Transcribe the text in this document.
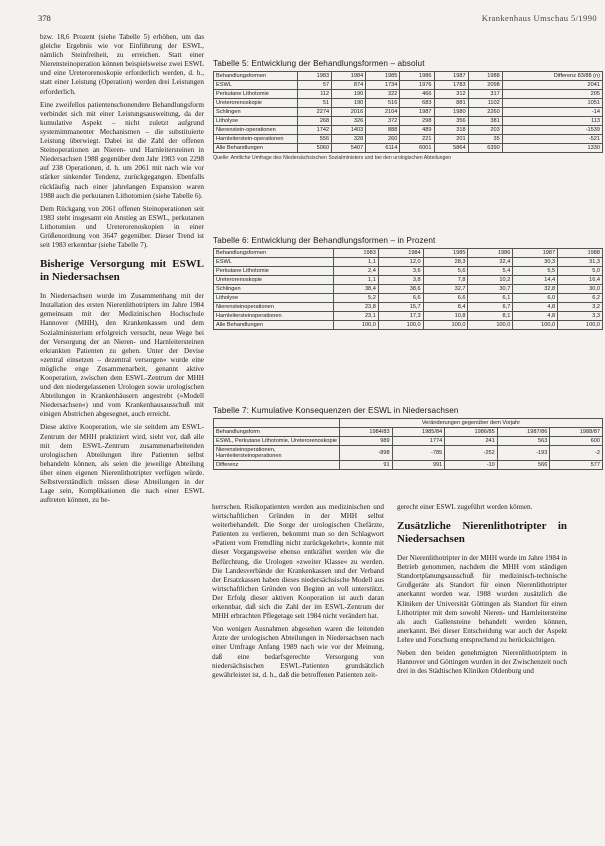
378	Krankenhaus Umschau 5/1990

bzw. 18,6 Prozent (siehe Tabelle 5) erhöhen, um das gleiche Ergebnis wie vor Einführung der ESWL, nämlich Steinfreiheit, zu erreichen. Statt einer Nierensteinoperation können beispielsweise zwei ESWL und eine Ureterorenoskopie erforderlich werden, d. h., statt einer Leistung (Operation) werden drei Leistungen erforderlich.

Eine zweifellos patientenschonendere Behandlungsform verbindet sich mit einer Leistungsausweitung, da der kumulative Aspekt – nicht zuletzt aufgrund systemimmanenter Mechanismen – die substituierte Leistung überwiegt. Dabei ist die Zahl der offenen Steinoperationen an Nieren- und Harnleitersteinen in Niedersachsen 1988 gegenüber dem Jahr 1983 von 2298 auf 238 Operationen, d. h. um 2061 mit nach wie vor stärker sinkender Tendenz, zurückgegangen. Ebenfalls rückläufig nach einer jahrelangen Expansion waren 1988 auch die perkutanen Lithotomien (siehe Tabelle 6).

Dem Rückgang von 2061 offenen Steinoperationen seit 1983 steht insgesamt ein Anstieg an ESWL, perkutanen Lithotomien und Ureterorenoskopien in einer Größenordnung von 3647 gegenüber. Dieser Trend ist seit 1983 erkennbar (siehe Tabelle 7).

Bisherige Versorgung mit ESWL in Niedersachsen

In Niedersachsen wurde im Zusammenhang mit der Installation des ersten Nierenlithotripters im Jahre 1984 gemeinsam mit der Medizinischen Hochschule Hannover (MHH), den Krankenkassen und dem Sozialministerium erfolgreich versucht, neue Wege bei der Versorgung der an Nieren- und Harnleitersteinen erkrankten Patienten zu gehen. Unter der Devise »zentral einsetzen – dezentral versorgen« wurde eine mögliche enge Zusammenarbeit, genannt aktive Kooperation, zwischen dem ESWL-Zentrum der MHH und den niedergelassenen Urologen sowie urologischen Abteilungen in Krankenhäusern angestrebt (»Modell Niedersachsen«) und vom Krankenhausausschuß mit einigen Abstrichen abgesegnet, auch erreicht.

Diese aktive Kooperation, wie sie seitdem am ESWL-Zentrum der MHH praktiziert wird, sieht vor, daß alle mit dem ESWL-Zentrum zusammenarbeitenden urologischen Abteilungen ihre Patienten selbst behandeln können, als seien die jeweilige Abteilung über einen eigenen Nierenlithotripter verfügen würde. Selbstverständlich müssen diese Abteilungen in der Lage sein, Komplikationen die nach einer ESWL auftreten können, zu be-

Tabelle 5: Entwicklung der Behandlungsformen – absolut
Behandlungsformen	1983	1984	1985	1986	1987	1988	Differenz 83/88 (n)
ESWL	57	874	1734	1976	1783	2098	2041
Perkutane Lithotomie	112	190	322	466	312	317	205
Ureterorenoskopie	51	190	516	683	881	1102	1051
Schlingen	2274	2016	2104	1987	1980	2260	-14
Litholyse	268	326	372	298	356	381	113
Nierenstein-operationen	1742	1403	888	489	318	203	-1539
Harnleiterstein-operationen	556	328	260	221	201	35	-521
Alle Behandlungen	5060	5407	6114	6001	5864	6390	1330
Quelle: Amtliche Umfrage des Niedersächsischen Sozialministers und bei den urologischen Abteilungen
Tabelle 6: Entwicklung der Behandlungsformen – in Prozent
Behandlungsformen	1983	1984	1985	1986	1987	1988
ESWL	1,1	12,0	28,3	32,4	30,3	31,3
Perkutane Lithotomie	2,4	3,6	5,6	5,4	5,5	5,0
Ureterorenoskopie	1,1	3,8	7,8	10,2	14,4	16,4
Schlingen	38,4	38,6	32,7	30,7	32,8	30,0
Litholyse	5,2	6,6	6,6	6,1	6,0	6,2
Nierensteinoperationen	23,8	15,7	8,4	6,7	4,8	3,2
Harnleitersteinoperationen	23,1	17,3	10,8	8,1	4,8	3,3
Alle Behandlungen	100,0	100,0	100,0	100,0	100,0	100,0
Tabelle 7: Kumulative Konsequenzen der ESWL in Niedersachsen
	Veränderungen gegenüber dem Vorjahr				
Behandlungsform	1984/83	1985/84	1986/85	1987/86	1988/87
ESWL, Perkutane Lithotomie, Ureterorenoskopie	989	1774	241	563	600
Nierensteinoperationen, Harnleitersteinoperationen	-898	-785	-252	-193	-2
Differenz	91	991	-10	566	577

herrschen. Risikopatienten werden aus medizinischen und wirtschaftlichen Gründen in der MHH selbst weiterbehandelt. Die Sorge der urologischen Chefärzte, Patienten zu verlieren, bekommt man so den Schlagwort »Patient vom Fremdling nicht zurückgekehrt«, konnte mit dieser Vorgangsweise ebenso entkräftet werden wie die Befürchtung, die Urologen »zweiter Klasse« zu werden. Die Landesverbände der Krankenkassen und der Verband der Ersatzkassen haben dieses niedersächsische Modell aus wirtschaftlichen Gründen von Beginn an voll unterstützt. Der Erfolg dieser aktiven Kooperation ist auch daran erkennbar, daß sich die Zahl der im ESWL-Zentrum der MHH erbrachten Pflegetage seit 1984 nicht verändert hat.

Von wenigen Ausnahmen abgesehen waren die leitenden Ärzte der urologischen Abteilungen in Niedersachsen nach einer Umfrage Anfang 1989 nach wie vor der Meinung, daß eine bedarfsgerechte Versorgung von niedersächsischen ESWL-Patienten grundsätzlich gewährleistet ist, d. h., daß die betroffenen Patienten zeit-

gerecht einer ESWL zugeführt werden können.

Zusätzliche Nierenlithotripter in Niedersachsen

Der Nierenlithotripter in der MHH wurde im Jahre 1984 in Betrieb genommen, nachdem die MHH vom ständigen Standortplanungsausschuß für medizinisch-technische Großgeräte als Standort für einen Nierenlithotripter anerkannt worden war. 1988 wurden zusätzlich die Kliniken der Universität Göttingen als Standort für einen Lithotripter mit dem sowohl Nieren- und Harnleitersteine als auch Gallensteine behandelt werden können, anerkannt. Bei dieser Entscheidung war auch der Aspekt Lehre und Forschung entsprechend zu berücksichtigen.

Neben den beiden genehmigten Nierenlithotriptern in Hannover und Göttingen wurden in der Zwischenzeit noch drei in des Städtischen Kliniken Oldenburg und
